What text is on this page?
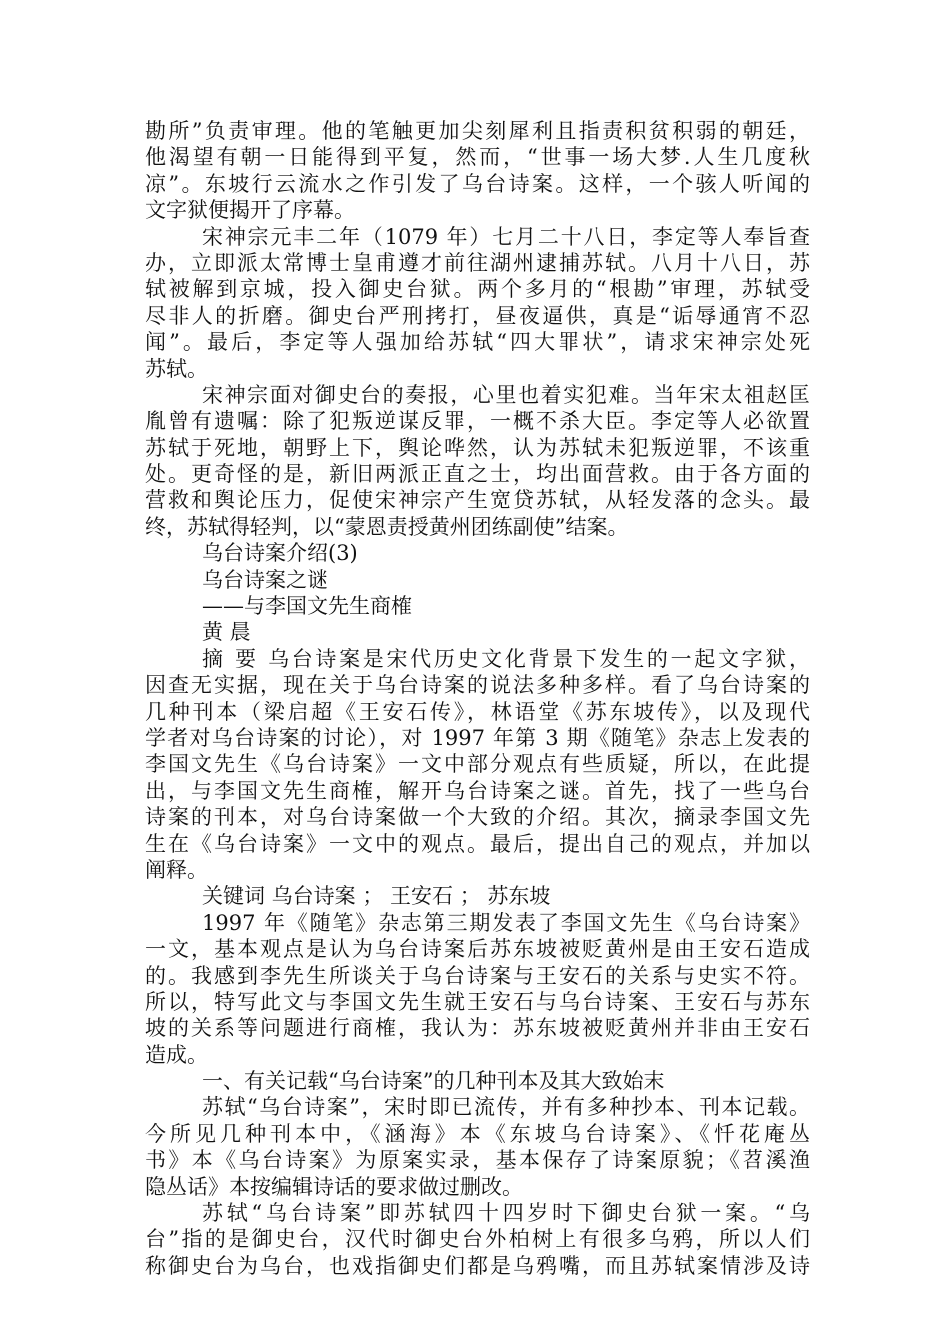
勘所”负责审理。他的笔触更加尖刻犀利且指责积贫积弱的朝廷，
他渴望有朝一日能得到平复，然而，“世事一场大梦.人生几度秋
凉”。东坡行云流水之作引发了乌台诗案。这样，一个骇人听闻的
文字狱便揭开了序幕。
宋神宗元丰二年（1079 年）七月二十八日，李定等人奉旨查
办，立即派太常博士皇甫遵才前往湖州逮捕苏轼。八月十八日，苏
轼被解到京城，投入御史台狱。两个多月的“根勘”审理，苏轼受
尽非人的折磨。御史台严刑拷打，昼夜逼供，真是“诟辱通宵不忍
闻”。最后，李定等人强加给苏轼“四大罪状”，请求宋神宗处死
苏轼。
宋神宗面对御史台的奏报，心里也着实犯难。当年宋太祖赵匡
胤曾有遗嘱：除了犯叛逆谋反罪，一概不杀大臣。李定等人必欲置
苏轼于死地，朝野上下，舆论哗然，认为苏轼未犯叛逆罪，不该重
处。更奇怪的是，新旧两派正直之士，均出面营救。由于各方面的
营救和舆论压力，促使宋神宗产生宽贷苏轼，从轻发落的念头。最
终，苏轼得轻判，以“蒙恩责授黄州团练副使”结案。
乌台诗案介绍(3)
乌台诗案之谜
——与李国文先生商榷
黄 晨
摘 要 乌台诗案是宋代历史文化背景下发生的一起文字狱，
因查无实据，现在关于乌台诗案的说法多种多样。看了乌台诗案的
几种刊本（梁启超《王安石传》，林语堂《苏东坡传》，以及现代
学者对乌台诗案的讨论），对 1997 年第 3 期《随笔》杂志上发表的
李国文先生《乌台诗案》一文中部分观点有些质疑，所以，在此提
出，与李国文先生商榷，解开乌台诗案之谜。首先，找了一些乌台
诗案的刊本，对乌台诗案做一个大致的介绍。其次，摘录李国文先
生在《乌台诗案》一文中的观点。最后，提出自己的观点，并加以
阐释。
关键词 乌台诗案 ； 王安石 ； 苏东坡
1997 年《随笔》杂志第三期发表了李国文先生《乌台诗案》
一文，基本观点是认为乌台诗案后苏东坡被贬黄州是由王安石造成
的。我感到李先生所谈关于乌台诗案与王安石的关系与史实不符。
所以，特写此文与李国文先生就王安石与乌台诗案、王安石与苏东
坡的关系等问题进行商榷，我认为：苏东坡被贬黄州并非由王安石
造成。
一、有关记载“乌台诗案”的几种刊本及其大致始末
苏轼“乌台诗案”，宋时即已流传，并有多种抄本、刊本记载。
今所见几种刊本中，《涵海》本《东坡乌台诗案》、《忏花庵丛
书》本《乌台诗案》为原案实录，基本保存了诗案原貌；《苕溪渔
隐丛话》本按编辑诗话的要求做过删改。
苏轼“乌台诗案”即苏轼四十四岁时下御史台狱一案。“乌
台”指的是御史台，汉代时御史台外柏树上有很多乌鸦，所以人们
称御史台为乌台，也戏指御史们都是乌鸦嘴，而且苏轼案情涉及诗
